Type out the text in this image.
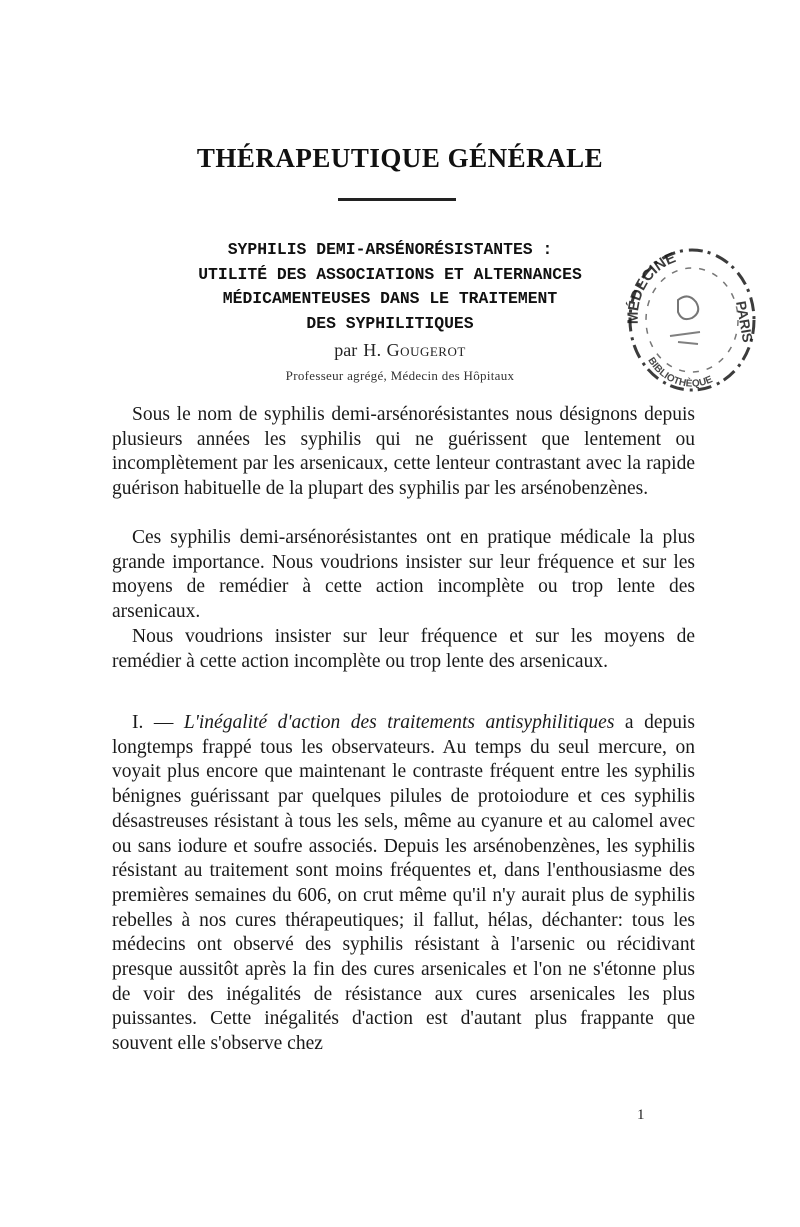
THÉRAPEUTIQUE GÉNÉRALE
SYPHILIS DEMI-ARSÉNORÉSISTANTES :
UTILITÉ DES ASSOCIATIONS ET ALTERNANCES
MÉDICAMENTEUSES DANS LE TRAITEMENT
DES SYPHILITIQUES
par H. Gougerot
Professeur agrégé, Médecin des Hôpitaux
MÉDECINE
PARIS
BIBLIOTHÈQUE

Sous le nom de syphilis demi-arsénorésistantes nous désignons depuis plusieurs années les syphilis qui ne guérissent que lentement ou incomplètement par les arsenicaux, cette lenteur contrastant avec la rapide guérison habituelle de la plupart des syphilis par les arsénobenzènes.

Ces syphilis demi-arsénorésistantes ont en pratique médicale la plus grande importance. Nous voudrions insister sur leur fréquence et sur les moyens de remédier à cette action incomplète ou trop lente des arsenicaux.

Nous voudrions insister sur leur fréquence et sur les moyens de remédier à cette action incomplète ou trop lente des arsenicaux.

I. — L'inégalité d'action des traitements antisyphilitiques a depuis longtemps frappé tous les observateurs. Au temps du seul mercure, on voyait plus encore que maintenant le contraste fréquent entre les syphilis bénignes guérissant par quelques pilules de protoiodure et ces syphilis désastreuses résistant à tous les sels, même au cyanure et au calomel avec ou sans iodure et soufre associés. Depuis les arsénobenzènes, les syphilis résistant au traitement sont moins fréquentes et, dans l'enthousiasme des premières semaines du 606, on crut même qu'il n'y aurait plus de syphilis rebelles à nos cures thérapeutiques; il fallut, hélas, déchanter: tous les médecins ont observé des syphilis résistant à l'arsenic ou récidivant presque aussitôt après la fin des cures arsenicales et l'on ne s'étonne plus de voir des inégalités de résistance aux cures arsenicales les plus puissantes. Cette inégalités d'action est d'autant plus frappante que souvent elle s'observe chez

1
